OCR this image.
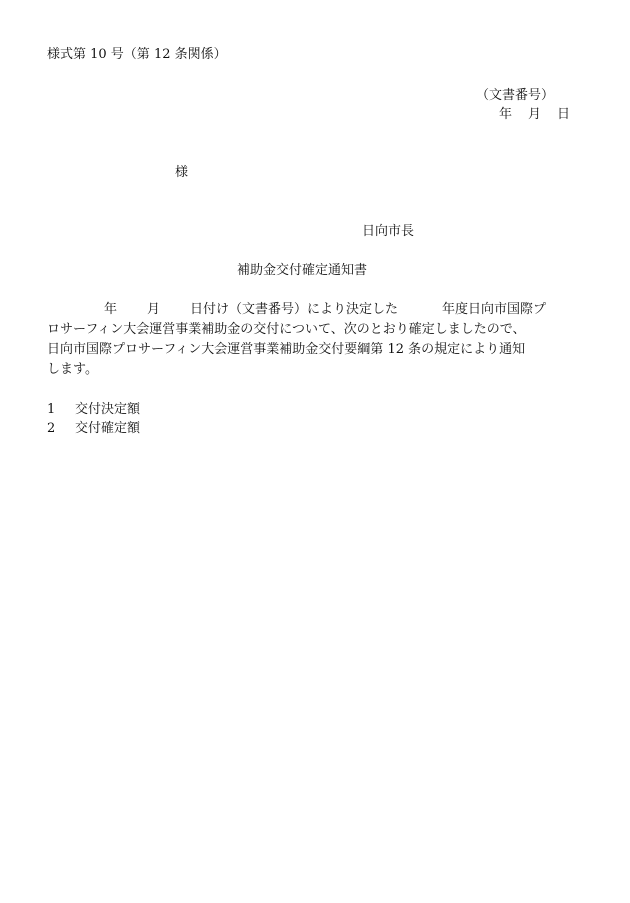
様式第 10 号（第 12 条関係）
（文書番号）
年 月 日
様
日向市長
補助金交付確定通知書
年 月 日付け（文書番号）により決定した	年度日向市国際プ
ロサーフィン大会運営事業補助金の交付について、次のとおり確定しましたので、
日向市国際プロサーフィン大会運営事業補助金交付要綱第 12 条の規定により通知
します。
1 交付決定額
2 交付確定額
